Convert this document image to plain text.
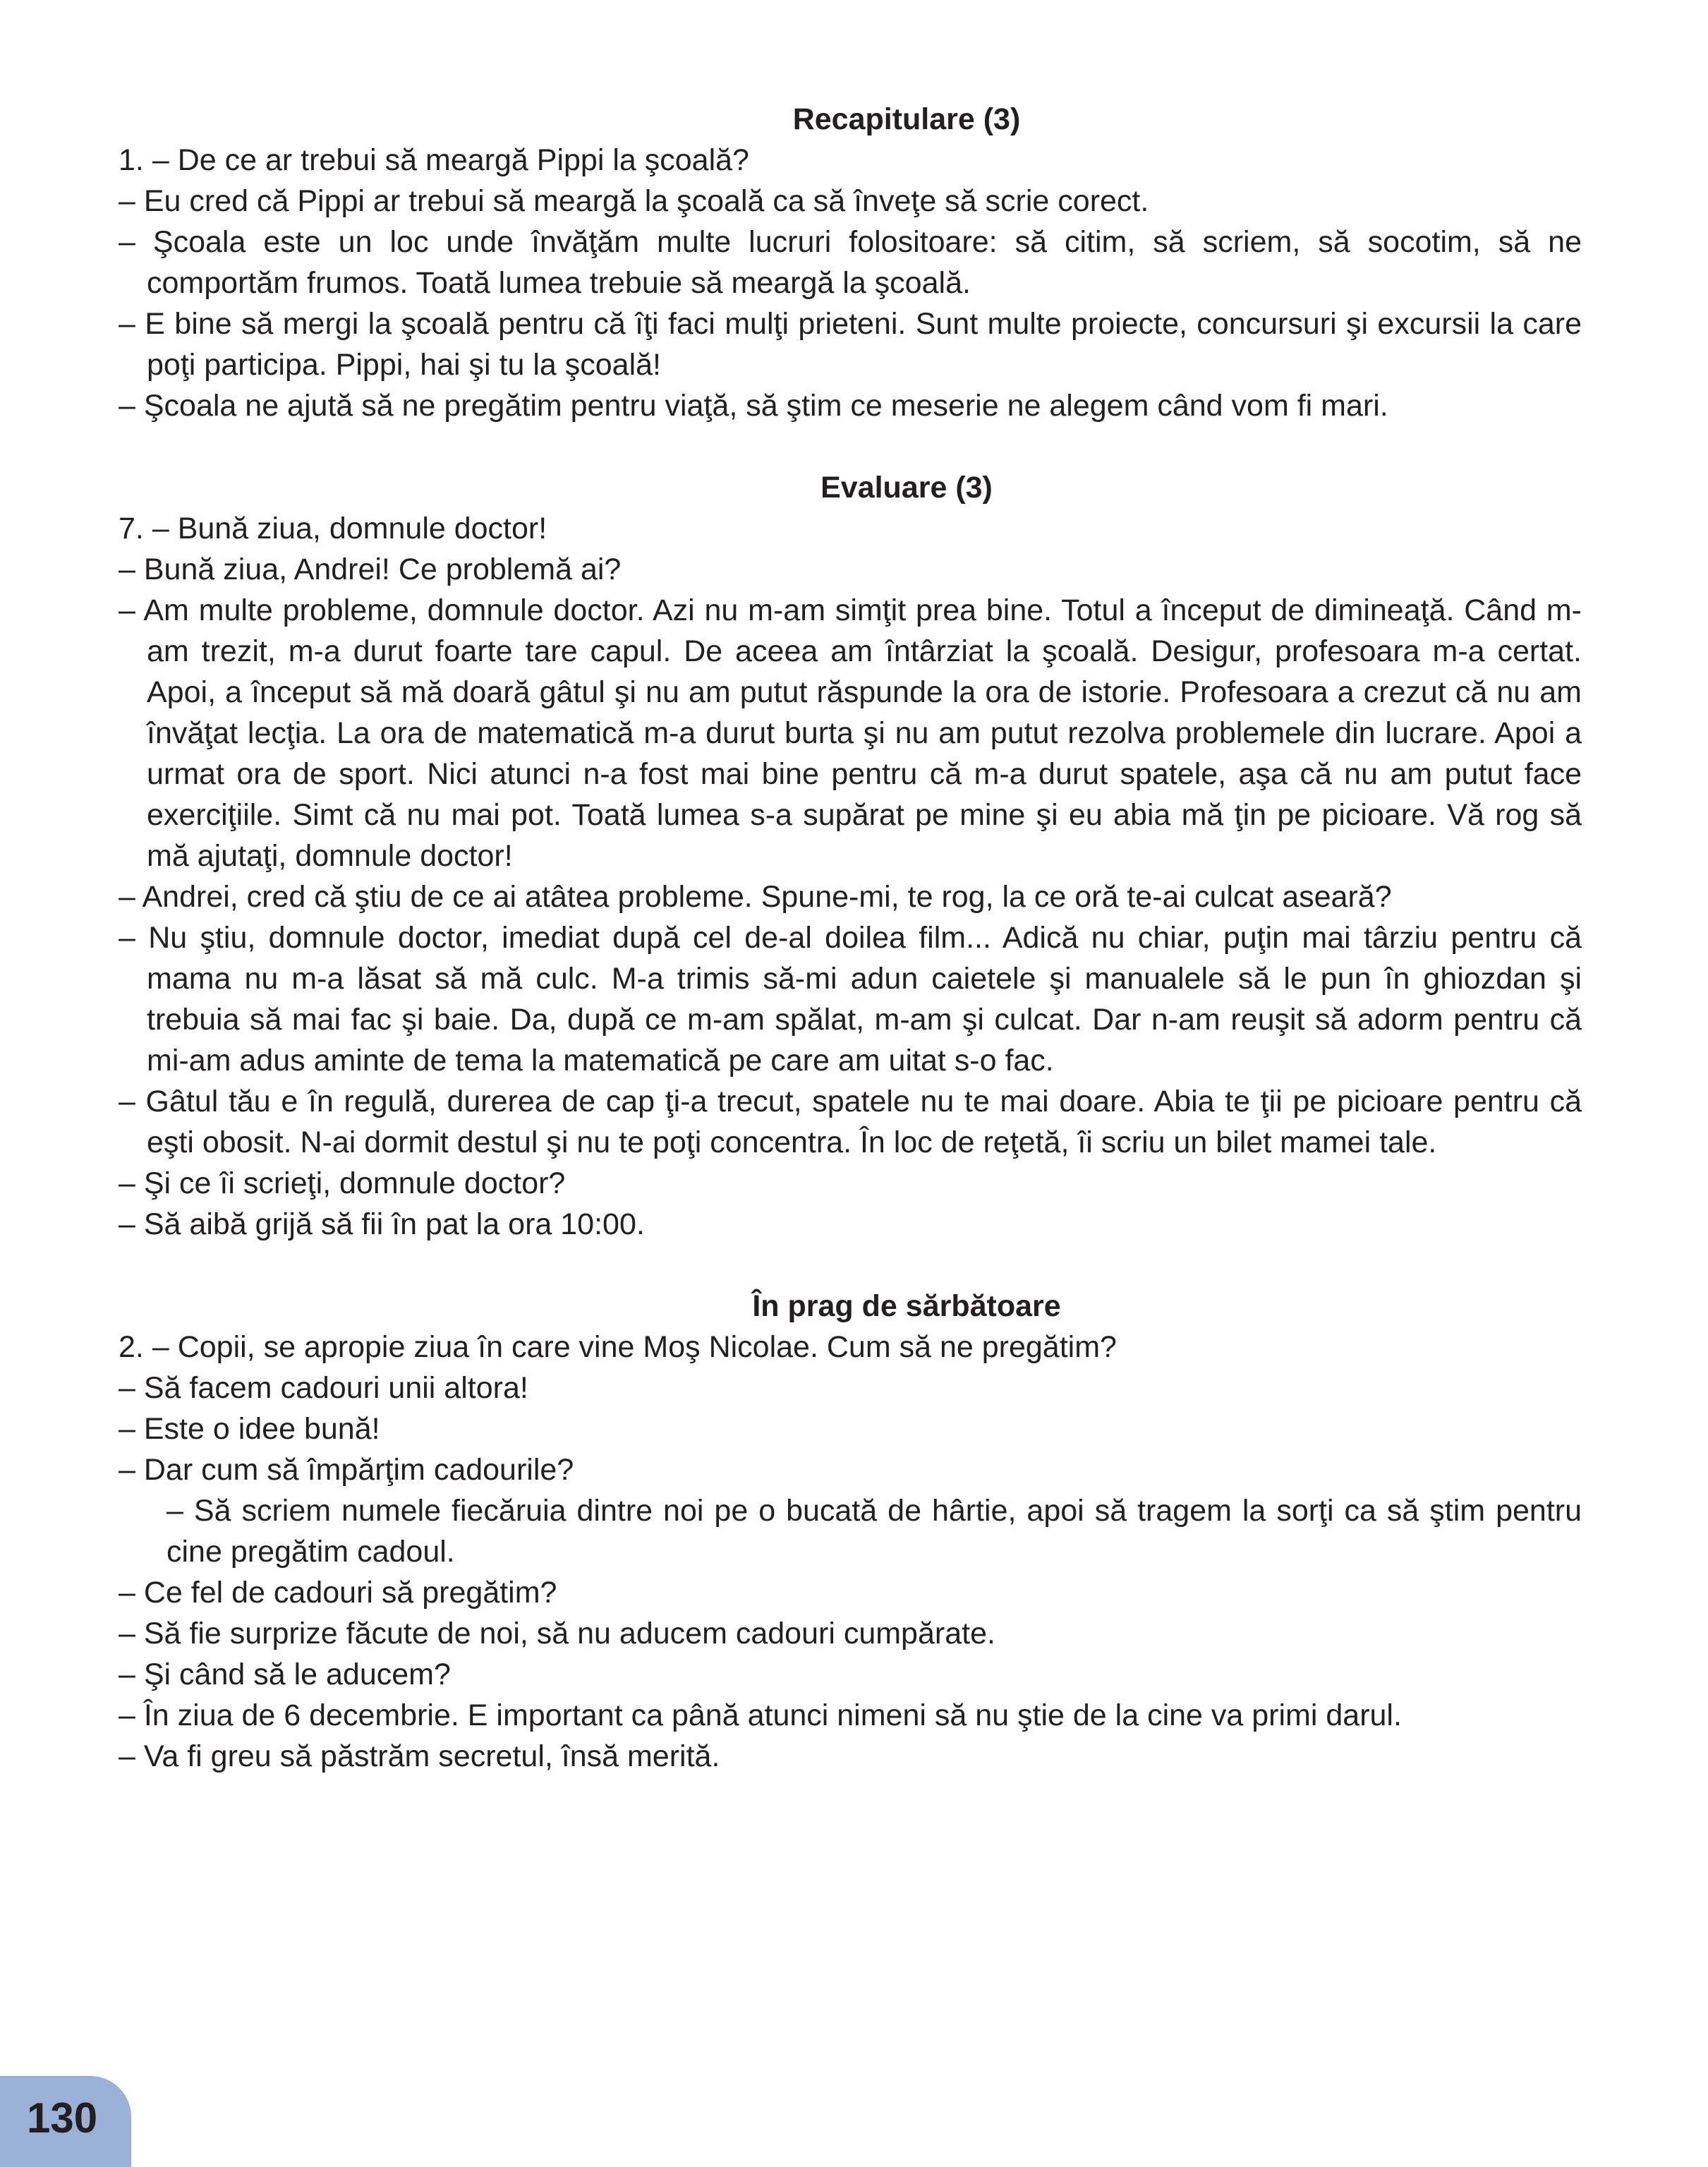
Recapitulare (3)
1. – De ce ar trebui să meargă Pippi la şcoală?
– Eu cred că Pippi ar trebui să meargă la şcoală ca să înveţe să scrie corect.
– Şcoala este un loc unde învăţăm multe lucruri folositoare: să citim, să scriem, să socotim, să ne comportăm frumos. Toată lumea trebuie să meargă la şcoală.
– E bine să mergi la şcoală pentru că îţi faci mulţi prieteni. Sunt multe proiecte, concursuri şi excursii la care poţi participa. Pippi, hai şi tu la şcoală!
– Şcoala ne ajută să ne pregătim pentru viaţă, să ştim ce meserie ne alegem când vom fi mari.
Evaluare (3)
7. – Bună ziua, domnule doctor!
– Bună ziua, Andrei! Ce problemă ai?
– Am multe probleme, domnule doctor. Azi nu m-am simţit prea bine. Totul a început de dimineaţă. Când m-am trezit, m-a durut foarte tare capul. De aceea am întârziat la şcoală. Desigur, profesoara m-a certat. Apoi, a început să mă doară gâtul şi nu am putut răspunde la ora de istorie. Profesoara a crezut că nu am învăţat lecţia. La ora de matematică m-a durut burta şi nu am putut rezolva problemele din lucrare. Apoi a urmat ora de sport. Nici atunci n-a fost mai bine pentru că m-a durut spatele, aşa că nu am putut face exerciţiile. Simt că nu mai pot. Toată lumea s-a supărat pe mine şi eu abia mă ţin pe picioare. Vă rog să mă ajutaţi, domnule doctor!
– Andrei, cred că ştiu de ce ai atâtea probleme. Spune-mi, te rog, la ce oră te-ai culcat aseară?
– Nu ştiu, domnule doctor, imediat după cel de-al doilea film... Adică nu chiar, puţin mai târziu pentru că mama nu m-a lăsat să mă culc. M-a trimis să-mi adun caietele şi manualele să le pun în ghiozdan şi trebuia să mai fac şi baie. Da, după ce m-am spălat, m-am şi culcat. Dar n-am reuşit să adorm pentru că mi-am adus aminte de tema la matematică pe care am uitat s-o fac.
– Gâtul tău e în regulă, durerea de cap ţi-a trecut, spatele nu te mai doare. Abia te ţii pe picioare pentru că eşti obosit. N-ai dormit destul şi nu te poţi concentra. În loc de reţetă, îi scriu un bilet mamei tale.
– Şi ce îi scrieţi, domnule doctor?
– Să aibă grijă să fii în pat la ora 10:00.
În prag de sărbătoare
2. – Copii, se apropie ziua în care vine Moş Nicolae. Cum să ne pregătim?
– Să facem cadouri unii altora!
– Este o idee bună!
– Dar cum să împărţim cadourile?
– Să scriem numele fiecăruia dintre noi pe o bucată de hârtie, apoi să tragem la sorţi ca să ştim pentru cine pregătim cadoul.
– Ce fel de cadouri să pregătim?
– Să fie surprize făcute de noi, să nu aducem cadouri cumpărate.
– Şi când să le aducem?
– În ziua de 6 decembrie. E important ca până atunci nimeni să nu ştie de la cine va primi darul.
– Va fi greu să păstrăm secretul, însă merită.
130
